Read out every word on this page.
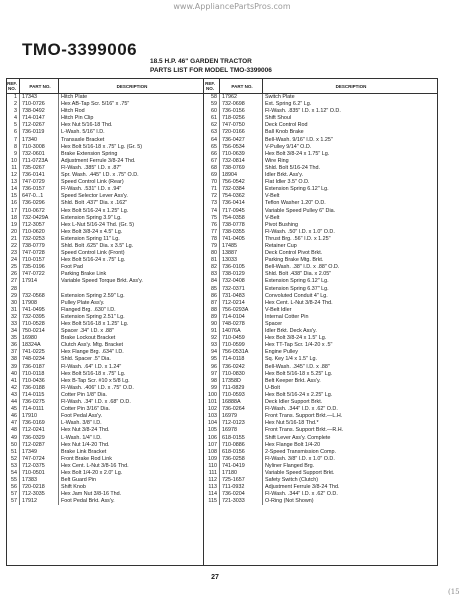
www.AppliancePartsPros.com
TMO-3399006
18.5 H.P. 46" GARDEN TRACTOR
PARTS LIST FOR MODEL TMO-3399006
REF. NO.	PART NO.	DESCRIPTION
1 17343	Hitch Plate
2 710-0726	Hex AB-Tap Scr. 5/16" x .75"
3 738-0492	Hitch Rod
4 714-0147	Hitch Pin Clip
5 712-0267	Hex Nut 5/16-18 Thd.
6 736-0119	L-Wash. 5/16" I.D.
7 17340	Transaxle Bracket
8 710-3008	Hex Bolt 5/16-18 x .75" Lg. (Gr. 5)
9 732-0601	Brake Extension Spring
10 711-0723A	Adjustment Ferrule 3/8-24 Thd.
11 735-0267	Fl-Wash. .385" I.D. x .87"
12 736-0141	Spr. Wash. .445" I.D. x .75" O.D.
13 747-0729	Speed Control Link (Rear)
14 736-0157	Fl-Wash. .531" I.D. x .94"
15 647-0...1	Speed Selector Lever Ass'y.
16 736-0296	Shld. Bolt .437" Dia. x .162"
17 710-0672	Hex Bolt 5/16-24 x 1.25" Lg.
18 732-0429A	Extension Spring 3.9" Lg.
19 712-3057	Hex L-Nut 5/16-24 Thd. (Gr. 5)
20 710-0620	Hex Bolt 3/8-24 x 4.5" Lg.
21 732-0253	Extension Spring 11" Lg.
22 738-0779	Shld. Bolt .625" Dia. x 3.5" Lg.
23 747-0728	Speed Control Link (Front)
24 710-0157	Hex Bolt 5/16-24 x .75" Lg.
25 735-0196	Foot Pad
26 747-0722	Parking Brake Link
27 17914	Variable Speed Torque Brkt. Ass'y.
28
29 732-0568	Extension Spring 2.59" Lg.
30 17908	Pulley Plate Ass'y.
31 741-0495	Flanged Brg. .630" I.D.
32 732-0395	Extension Spring 2.51" Lg.
33 710-0528	Hex Bolt 5/16-18 x 1.25" Lg.
34 750-0214	Spacer .34" I.D. x .88"
35 16980	Brake Lockout Bracket
36 18324A	Clutch Ass'y. Mtg. Bracket
37 741-0225	Hex Flange Brg. .634" I.D.
38 748-0234	Shld. Spacer .5" Dia.
39 736-0187	Fl-Wash. .64" I.D. x 1.24"
40 710-0118	Hex Bolt 5/16-18 x .75" Lg.
41 710-0436	Hex B-Tap Scr. #10 x 5/8 Lg.
42 736-0188	Fl-Wash. .406" I.D. x .75" O.D.
43 714-0115	Cotter Pin 1/8" Dia.
44 736-0275	Fl-Wash. .34" I.D. x .68" O.D.
45 714-0111	Cotter Pin 3/16" Dia.
46 17910	Foot Pedal Ass'y.
47 736-0169	L-Wash. 3/8" I.D.
48 712-0241	Hex Nut 3/8-24 Thd.
49 736-0329	L-Wash. 1/4" I.D.
50 712-0287	Hex Nut 1/4-20 Thd.
51 17349	Brake Link Bracket
52 747-0724	Front Brake Rod Link
53 712-0375	Hex Cent. L-Nut 3/8-16 Thd.
54 710-0501	Hex Bolt 1/4-20 x 2.0" Lg.
55 17383	Belt Guard Pin
56 720-0218	Shift Knob
57 712-3035	Hex Jam Nut 3/8-16 Thd.
57 17912	Foot Pedal Brkt. Ass'y.
REF. NO.	PART NO.	DESCRIPTION
58 17962	Switch Plate
59 732-0698	Ext. Spring 6.2" Lg.
60 736-0156	Fl-Wash. .835" I.D. x 1.12" O.D.
61 718-0256	Shift Shoul
62 747-0750	Deck Control Rod
63 720-0166	Ball Knob Brake
64 736-0427	Bell-Wash. 9/16" I.D. x 1.25"
65 756-0534	V-Pulley 9/14" O.D.
66 710-0639	Hex Bolt 3/8-24 x 1.75" Lg.
67 732-0814	Wire Ring
68 738-0769	Shld. Bolt 5/16-24 Thd.
69 18904	Idler Brkt. Ass'y.
70 756-0542	Flat Idler 3.5" O.D.
71 732-0384	Extension Spring 6.12" Lg.
72 754-0362	V-Belt
73 736-0414	Teflon Washer 1.20" O.D.
74 717-0945	Variable Speed Pulley 6" Dia.
75 754-0358	V-Belt
76 738-0778	Pivot Bushing
77 738-0355	Fl-Wash. .50" I.D. x 1.0" O.D.
78 741-0405	Thrust Brg. .56" I.D. x 1.25"
79 17485	Retainer Cup
80 13887	Deck Control Pivot Brkt.
81 13033	Parking Brake Mtg. Brkt.
82 736-0105	Bell-Wash. .38" I.D. x .88" O.D.
83 738-0129	Shld. Bolt .438" Dia. x 2.05"
84 732-0408	Extension Spring 6.12" Lg.
85 732-0371	Extension Spring 6.37" Lg.
86 731-0483	Convoluted Conduit 4" Lg.
87 712-0214	Hex Cent. L-Nut 3/8-24 Thd.
88 756-0293A	V-Belt Idler
89 714-0104	Internal Cotter Pin
90 748-0278	Spacer
91 14076A	Idler Brkt. Deck Ass'y.
92 710-0459	Hex Bolt 3/8-24 x 1.5" Lg.
93 710-0599	Hex TT-Tap Scr. 1/4-20 x .5"
94 756-0531A	Engine Pulley
95 714-0118	Sq. Key 1/4 x 1.5" Lg.
96 736-0242	Bell-Wash. .345" I.D. x .88"
97 710-0830	Hex Bolt 5/16-18 x 5.25" Lg.
98 17358D	Belt Keeper Brkt. Ass'y.
99 711-0829	U-Bolt
100 710-0593	Hex Bolt 5/16-24 x 2.25" Lg.
101 16888A	Deck Idler Support Brkt.
102 736-0264	Fl-Wash. .344" I.D. x .62" O.D.
103 16979	Front Trans. Support Brkt.—L.H.
104 712-0123	Hex Nut 5/16-18 Thd.*
105 16978	Front Trans. Support Brkt.—R.H.
106 618-0155	Shift Lever Ass'y. Complete
107 710-0886	Hex Flange Bolt 1/4-20
108 618-0156	2-Speed Transmission Comp.
109 736-0258	Fl-Wash. 3/8" I.D. x 1.0" O.D.
110 741-0419	Nyliner Flanged Brg.
111 17180	Variable Speed Support Brkt.
112 725-1657	Safety Switch (Clutch)
113 711-0932	Adjustment Ferrule 3/8-24 Thd.
114 736-0204	Fl-Wash. .344" I.D. x .62" O.D.
115 721-3033	O-Ring (Not Shown)
27
(15
